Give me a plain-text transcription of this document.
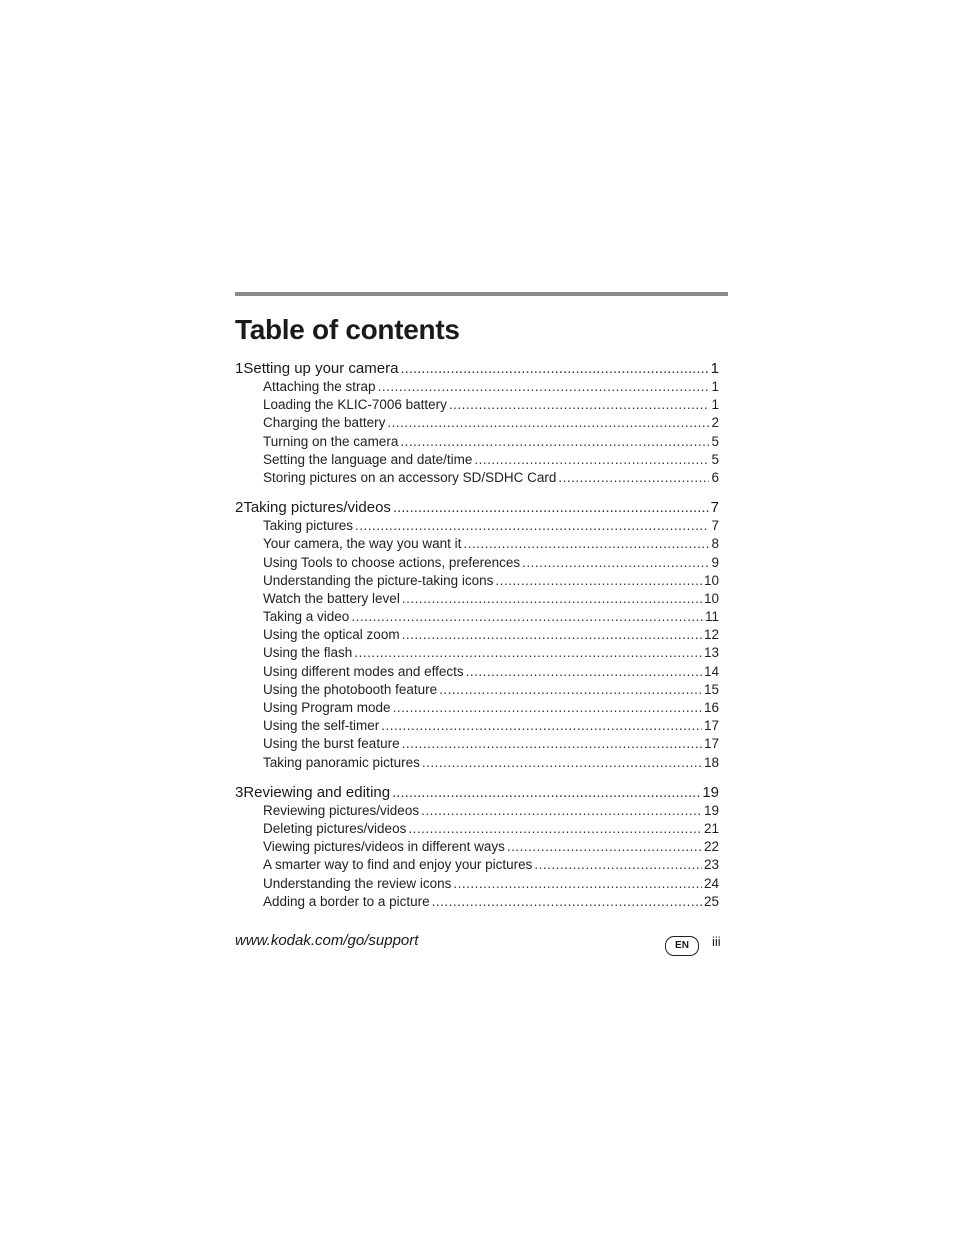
Table of contents
1 Setting up your camera .....	1
Attaching the strap .....	1
Loading the KLIC-7006 battery .....	1
Charging the battery .....	2
Turning on the camera .....	5
Setting the language and date/time .....	5
Storing pictures on an accessory SD/SDHC Card .....	6
2 Taking pictures/videos .....	7
Taking pictures .....	7
Your camera, the way you want it .....	8
Using Tools to choose actions, preferences .....	9
Understanding the picture-taking icons .....	10
Watch the battery level .....	10
Taking a video .....	11
Using the optical zoom .....	12
Using the flash .....	13
Using different modes and effects .....	14
Using the photobooth feature .....	15
Using Program mode .....	16
Using the self-timer .....	17
Using the burst feature .....	17
Taking panoramic pictures .....	18
3 Reviewing and editing .....	19
Reviewing pictures/videos .....	19
Deleting pictures/videos .....	21
Viewing pictures/videos in different ways .....	22
A smarter way to find and enjoy your pictures .....	23
Understanding the review icons .....	24
Adding a border to a picture .....	25
www.kodak.com/go/support	EN	iii
